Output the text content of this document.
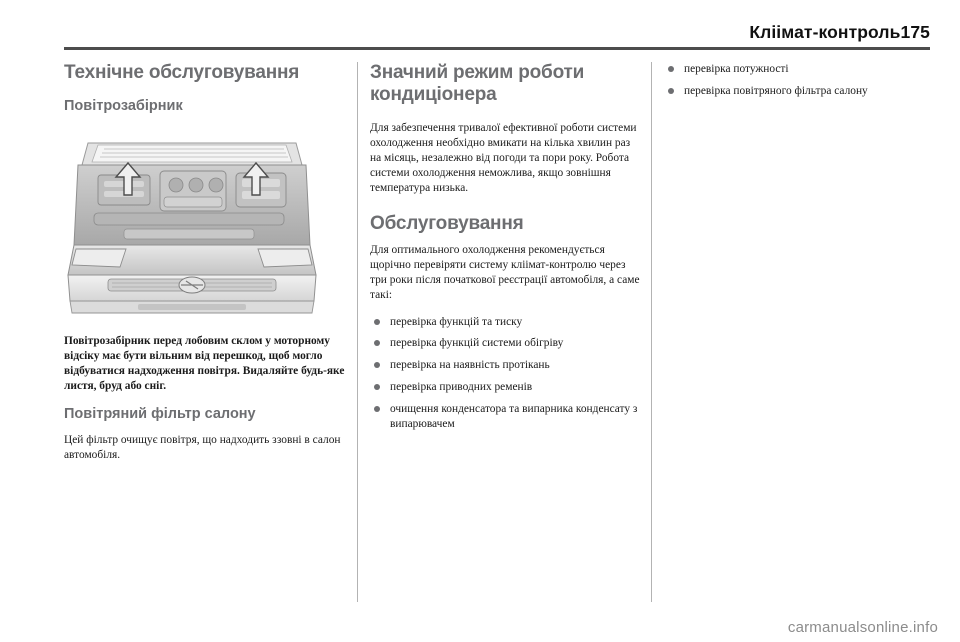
Кліімат-контроль175
Технічне обслуговування
Повітрозабірник
Повітрозабірник перед лобовим склом у моторному відсіку має бути вільним від перешкод, щоб могло відбуватися надходження повітря. Видаляйте будь-яке листя, бруд або сніг.
Повітряний фільтр салону

Цей фільтр очищує повітря, що надходить ззовні в салон автомобіля.

Значний режим роботи кондиціонера

Для забезпечення тривалої ефективної роботи системи охолодження необхідно вмикати на кілька хвилин раз на місяць, незалежно від погоди та пори року. Робота системи охолодження неможлива, якщо зовнішня температура низька.

Обслуговування

Для оптимального охолодження рекомендується щорічно перевіряти систему кліімат-контролю через три роки після початкової реєстрації автомобіля, а саме такі:

перевірка функцій та тиску
перевірка функцій системи обігріву
перевірка на наявність протікань
перевірка приводних ременів
очищення конденсатора та випарника конденсату з випарювачем
перевірка потужності
перевірка повітряного фільтра салону
carmanualsonline.info
